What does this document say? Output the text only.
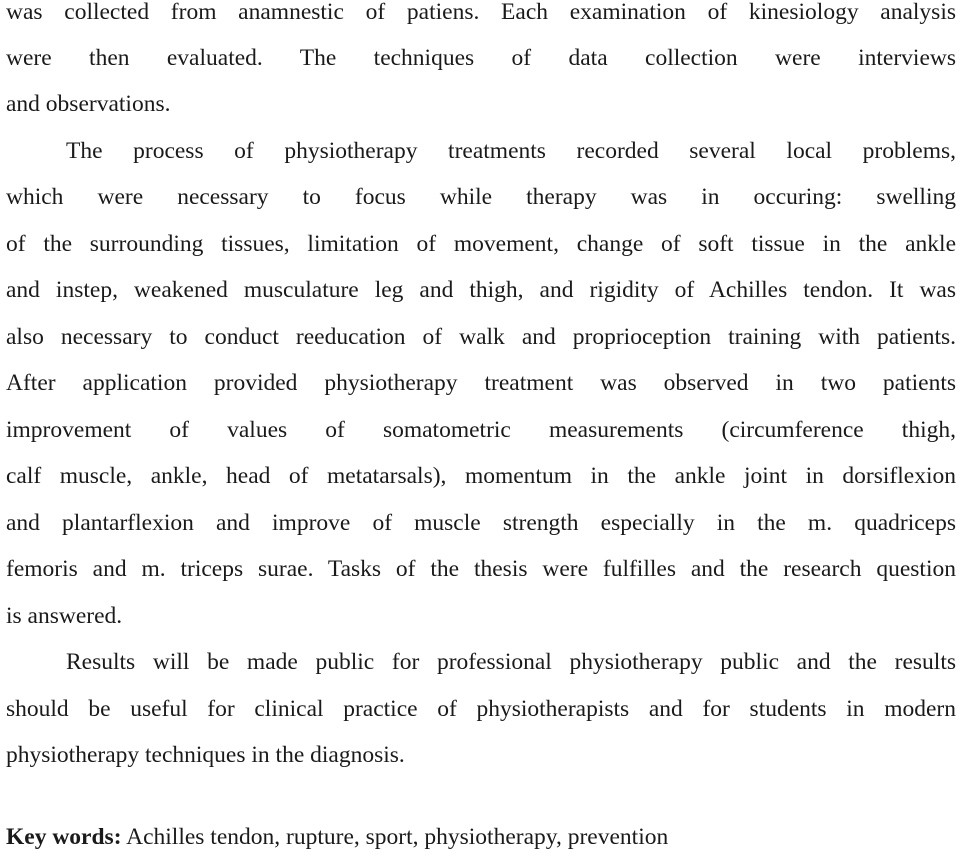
was collected from anamnestic of patiens. Each examination of kinesiology analysis
were then evaluated. The techniques of data collection were interviews
and observations.
The process of physiotherapy treatments recorded several local problems,
which were necessary to focus while therapy was in occuring: swelling
of the surrounding tissues, limitation of movement, change of soft tissue in the ankle
and instep, weakened musculature leg and thigh, and rigidity of Achilles tendon. It was
also necessary to conduct reeducation of walk and proprioception training with patients.
After application provided physiotherapy treatment was observed in two patients
improvement of values of somatometric measurements (circumference thigh,
calf muscle, ankle, head of metatarsals), momentum in the ankle joint in dorsiflexion
and plantarflexion and improve of muscle strength especially in the m. quadriceps
femoris and m. triceps surae. Tasks of the thesis were fulfilles and the research question
is answered.
Results will be made public for professional physiotherapy public and the results
should be useful for clinical practice of physiotherapists and for students in modern
physiotherapy techniques in the diagnosis.
Key words: Achilles tendon, rupture, sport, physiotherapy, prevention
